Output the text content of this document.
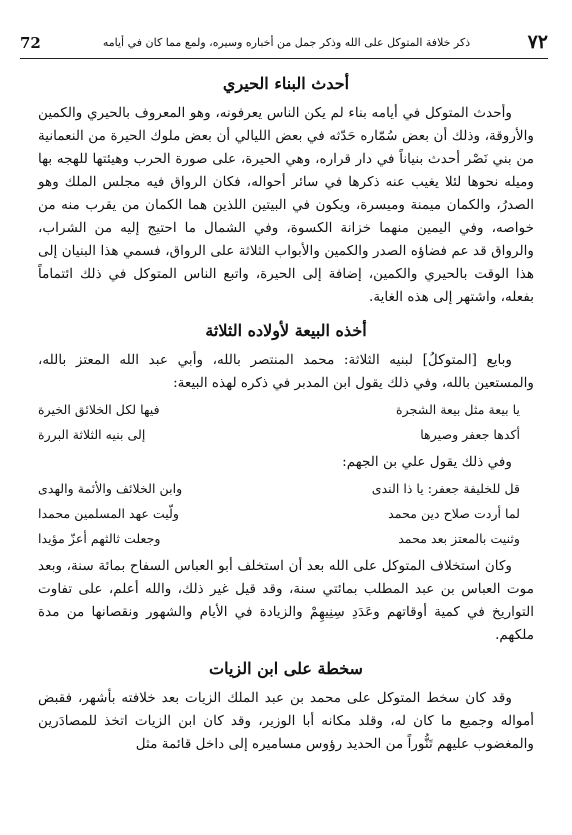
٧٢
ذكر خلافة المتوكل على الله وذكر جمل من أخباره وسيره، ولمع مما كان في أيامه
72
أحدث البناء الحيري

وأحدث المتوكل في أيامه بناء لم يكن الناس يعرفونه، وهو المعروف بالحيري والكمين والأروقة، وذلك أن بعض سُمّاره حَدّثه في بعض الليالي أن بعض ملوك الحيرة من النعمانية من بني نَصْر أحدث بنياناً في دار قراره، وهي الحيرة، على صورة الحرب وهيئتها للهجه بها وميله نحوها لئلا يغيب عنه ذكرها في سائر أحواله، فكان الرواق فيه مجلس الملك وهو الصدرُ، والكمان ميمنة وميسرة، ويكون في البيتين اللذين هما الكمان من يقرب منه من خواصه، وفي اليمين منهما خزانة الكسوة، وفي الشمال ما احتيج إليه من الشراب، والرواق قد عم فضاؤه الصدر والكمين والأبواب الثلاثة على الرواق، فسمي هذا البنيان إلى هذا الوقت بالحيري والكمين، إضافة إلى الحيرة، واتبع الناس المتوكل في ذلك ائتماماً بفعله، واشتهر إلى هذه الغاية.

أخذه البيعة لأولاده الثلاثة

وبايع [المتوكلُ] لبنيه الثلاثة: محمد المنتصر بالله، وأبي عبد الله المعتز بالله، والمستعين بالله، وفي ذلك يقول ابن المدبر في ذكره لهذه البيعة:

يا بيعة مثل بيعة الشجرة
فيها لكل الخلائق الخيرة
أكدها جعفر وصيرها
إلى بنيه الثلاثة البررة

وفي ذلك يقول علي بن الجهم:

قل للخليفة جعفر: يا ذا الندى
وابن الخلائف والأئمة والهدى
لما أردت صلاح دين محمد
ولّيت عهد المسلمين محمدا
وثنيت بالمعتز بعد محمد
وجعلت ثالثهم أعزّ مؤيدا

وكان استخلاف المتوكل على الله بعد أن استخلف أبو العباس السفاح بمائة سنة، وبعد موت العباس بن عبد المطلب بمائتي سنة، وقد قيل غير ذلك، والله أعلم، على تفاوت التواريخ في كمية أوقاتهم وعَدَدِ سِنِيهِمْ والزيادة في الأيام والشهور ونقصانها من مدة ملكهم.

سخطة على ابن الزيات

وقد كان سخط المتوكل على محمد بن عبد الملك الزيات بعد خلافته بأشهر، فقبض أمواله وجميع ما كان له، وقلد مكانه أبا الوزير، وقد كان ابن الزيات اتخذ للمصادَرين والمغضوب عليهم تَنُّوراً من الحديد رؤوس مساميره إلى داخل قائمة مثل
